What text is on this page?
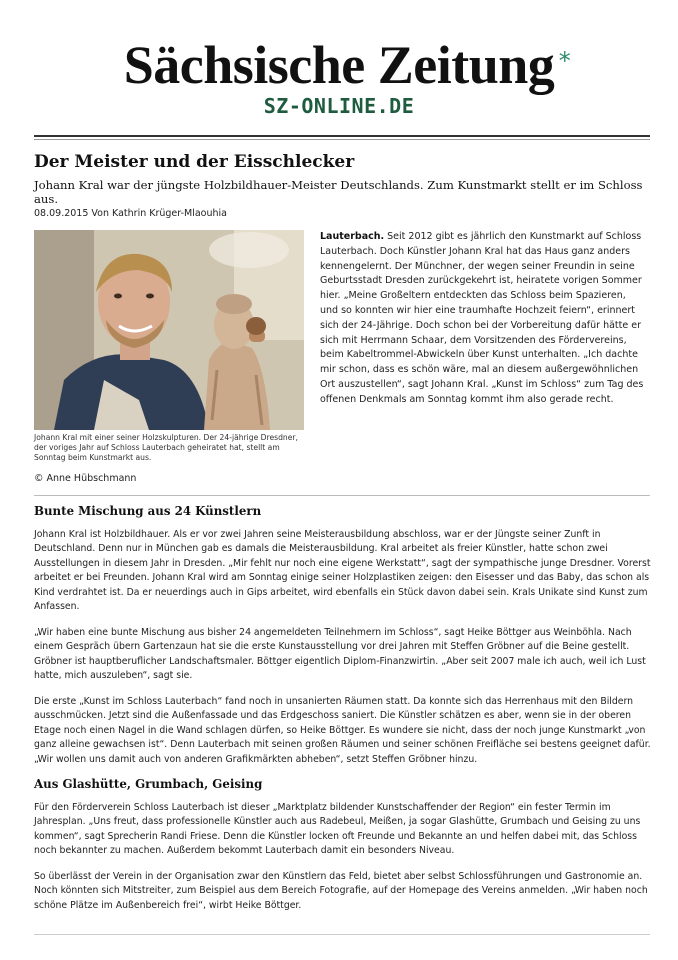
Sächsische Zeitung *
SZ-ONLINE.DE
Der Meister und der Eisschlecker

Johann Kral war der jüngste Holzbildhauer-Meister Deutschlands. Zum Kunstmarkt stellt er im Schloss aus.

08.09.2015 Von Kathrin Krüger-Mlaouhia
Johann Kral mit einer seiner Holzskulpturen. Der 24-jährige Dresdner, der voriges Jahr auf Schloss Lauterbach geheiratet hat, stellt am Sonntag beim Kunstmarkt aus.
© Anne Hübschmann

Lauterbach. Seit 2012 gibt es jährlich den Kunstmarkt auf Schloss Lauterbach. Doch Künstler Johann Kral hat das Haus ganz anders kennengelernt. Der Münchner, der wegen seiner Freundin in seine Geburtsstadt Dresden zurückgekehrt ist, heiratete vorigen Sommer hier. „Meine Großeltern entdeckten das Schloss beim Spazieren, und so konnten wir hier eine traumhafte Hochzeit feiern“, erinnert sich der 24-Jährige. Doch schon bei der Vorbereitung dafür hätte er sich mit Herrmann Schaar, dem Vorsitzenden des Fördervereins, beim Kabeltrommel-Abwickeln über Kunst unterhalten. „Ich dachte mir schon, dass es schön wäre, mal an diesem außergewöhnlichen Ort auszustellen“, sagt Johann Kral. „Kunst im Schloss“ zum Tag des offenen Denkmals am Sonntag kommt ihm also gerade recht.

Bunte Mischung aus 24 Künstlern

Johann Kral ist Holzbildhauer. Als er vor zwei Jahren seine Meisterausbildung abschloss, war er der Jüngste seiner Zunft in Deutschland. Denn nur in München gab es damals die Meisterausbildung. Kral arbeitet als freier Künstler, hatte schon zwei Ausstellungen in diesem Jahr in Dresden. „Mir fehlt nur noch eine eigene Werkstatt“, sagt der sympathische junge Dresdner. Vorerst arbeitet er bei Freunden. Johann Kral wird am Sonntag einige seiner Holzplastiken zeigen: den Eisesser und das Baby, das schon als Kind verdrahtet ist. Da er neuerdings auch in Gips arbeitet, wird ebenfalls ein Stück davon dabei sein. Krals Unikate sind Kunst zum Anfassen.

„Wir haben eine bunte Mischung aus bisher 24 angemeldeten Teilnehmern im Schloss“, sagt Heike Böttger aus Weinböhla. Nach einem Gespräch übern Gartenzaun hat sie die erste Kunstausstellung vor drei Jahren mit Steffen Gröbner auf die Beine gestellt. Gröbner ist hauptberuflicher Landschaftsmaler. Böttger eigentlich Diplom-Finanzwirtin. „Aber seit 2007 male ich auch, weil ich Lust hatte, mich auszuleben“, sagt sie.

Die erste „Kunst im Schloss Lauterbach“ fand noch in unsanierten Räumen statt. Da konnte sich das Herrenhaus mit den Bildern ausschmücken. Jetzt sind die Außenfassade und das Erdgeschoss saniert. Die Künstler schätzen es aber, wenn sie in der oberen Etage noch einen Nagel in die Wand schlagen dürfen, so Heike Böttger. Es wundere sie nicht, dass der noch junge Kunstmarkt „von ganz alleine gewachsen ist“. Denn Lauterbach mit seinen großen Räumen und seiner schönen Freifläche sei bestens geeignet dafür. „Wir wollen uns damit auch von anderen Grafikmärkten abheben“, setzt Steffen Gröbner hinzu.

Aus Glashütte, Grumbach, Geising

Für den Förderverein Schloss Lauterbach ist dieser „Marktplatz bildender Kunstschaffender der Region“ ein fester Termin im Jahresplan. „Uns freut, dass professionelle Künstler auch aus Radebeul, Meißen, ja sogar Glashütte, Grumbach und Geising zu uns kommen“, sagt Sprecherin Randi Friese. Denn die Künstler locken oft Freunde und Bekannte an und helfen dabei mit, das Schloss noch bekannter zu machen. Außerdem bekommt Lauterbach damit ein besonders Niveau.

So überlässt der Verein in der Organisation zwar den Künstlern das Feld, bietet aber selbst Schlossführungen und Gastronomie an. Noch könnten sich Mitstreiter, zum Beispiel aus dem Bereich Fotografie, auf der Homepage des Vereins anmelden. „Wir haben noch schöne Plätze im Außenbereich frei“, wirbt Heike Böttger.
